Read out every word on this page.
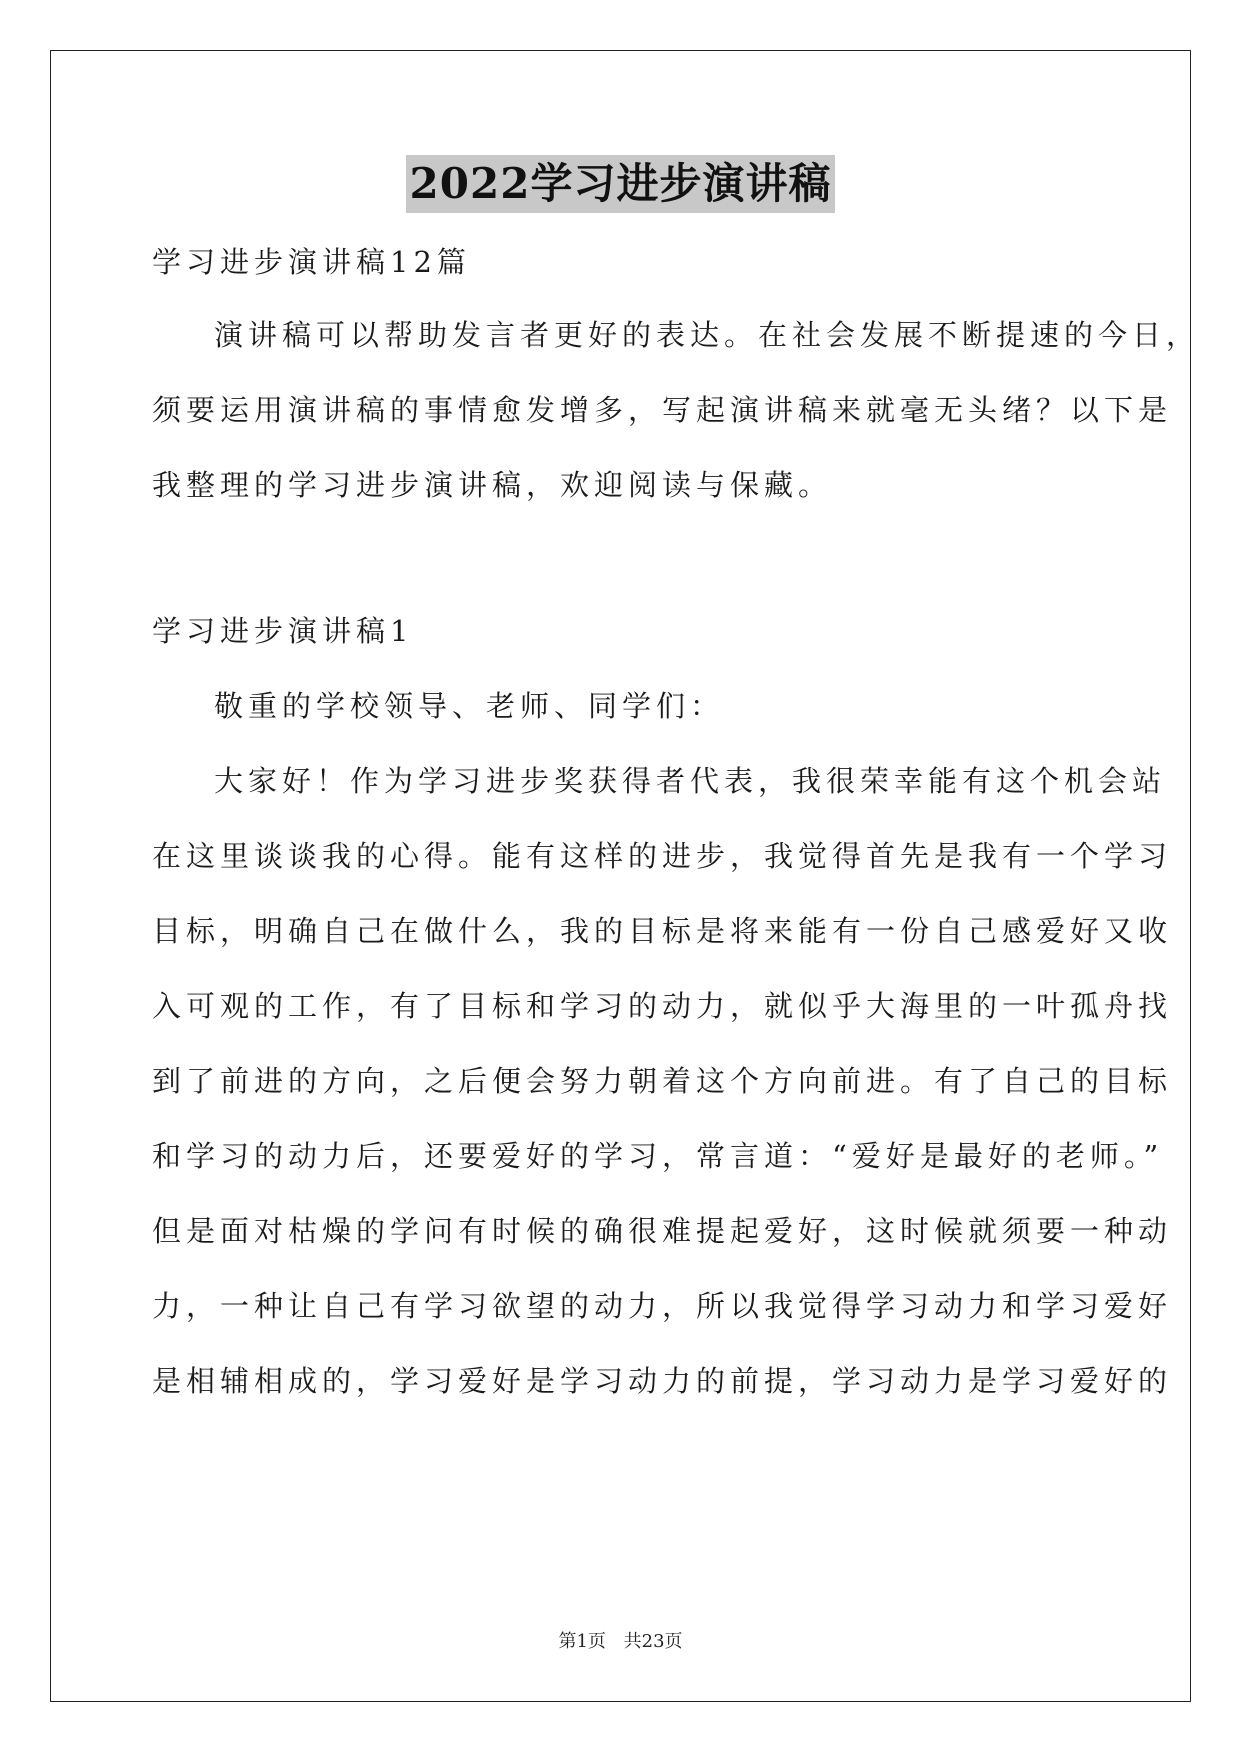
2022学习进步演讲稿
学习进步演讲稿12篇
演讲稿可以帮助发言者更好的表达。在社会发展不断提速的今日，
须要运用演讲稿的事情愈发增多，写起演讲稿来就毫无头绪？以下是
我整理的学习进步演讲稿，欢迎阅读与保藏。
学习进步演讲稿1
敬重的学校领导、老师、同学们：
大家好！作为学习进步奖获得者代表，我很荣幸能有这个机会站
在这里谈谈我的心得。能有这样的进步，我觉得首先是我有一个学习
目标，明确自己在做什么，我的目标是将来能有一份自己感爱好又收
入可观的工作，有了目标和学习的动力，就似乎大海里的一叶孤舟找
到了前进的方向，之后便会努力朝着这个方向前进。有了自己的目标
和学习的动力后，还要爱好的学习，常言道：“爱好是最好的老师。”
但是面对枯燥的学问有时候的确很难提起爱好，这时候就须要一种动
力，一种让自己有学习欲望的动力，所以我觉得学习动力和学习爱好
是相辅相成的，学习爱好是学习动力的前提，学习动力是学习爱好的
第1页 共23页
